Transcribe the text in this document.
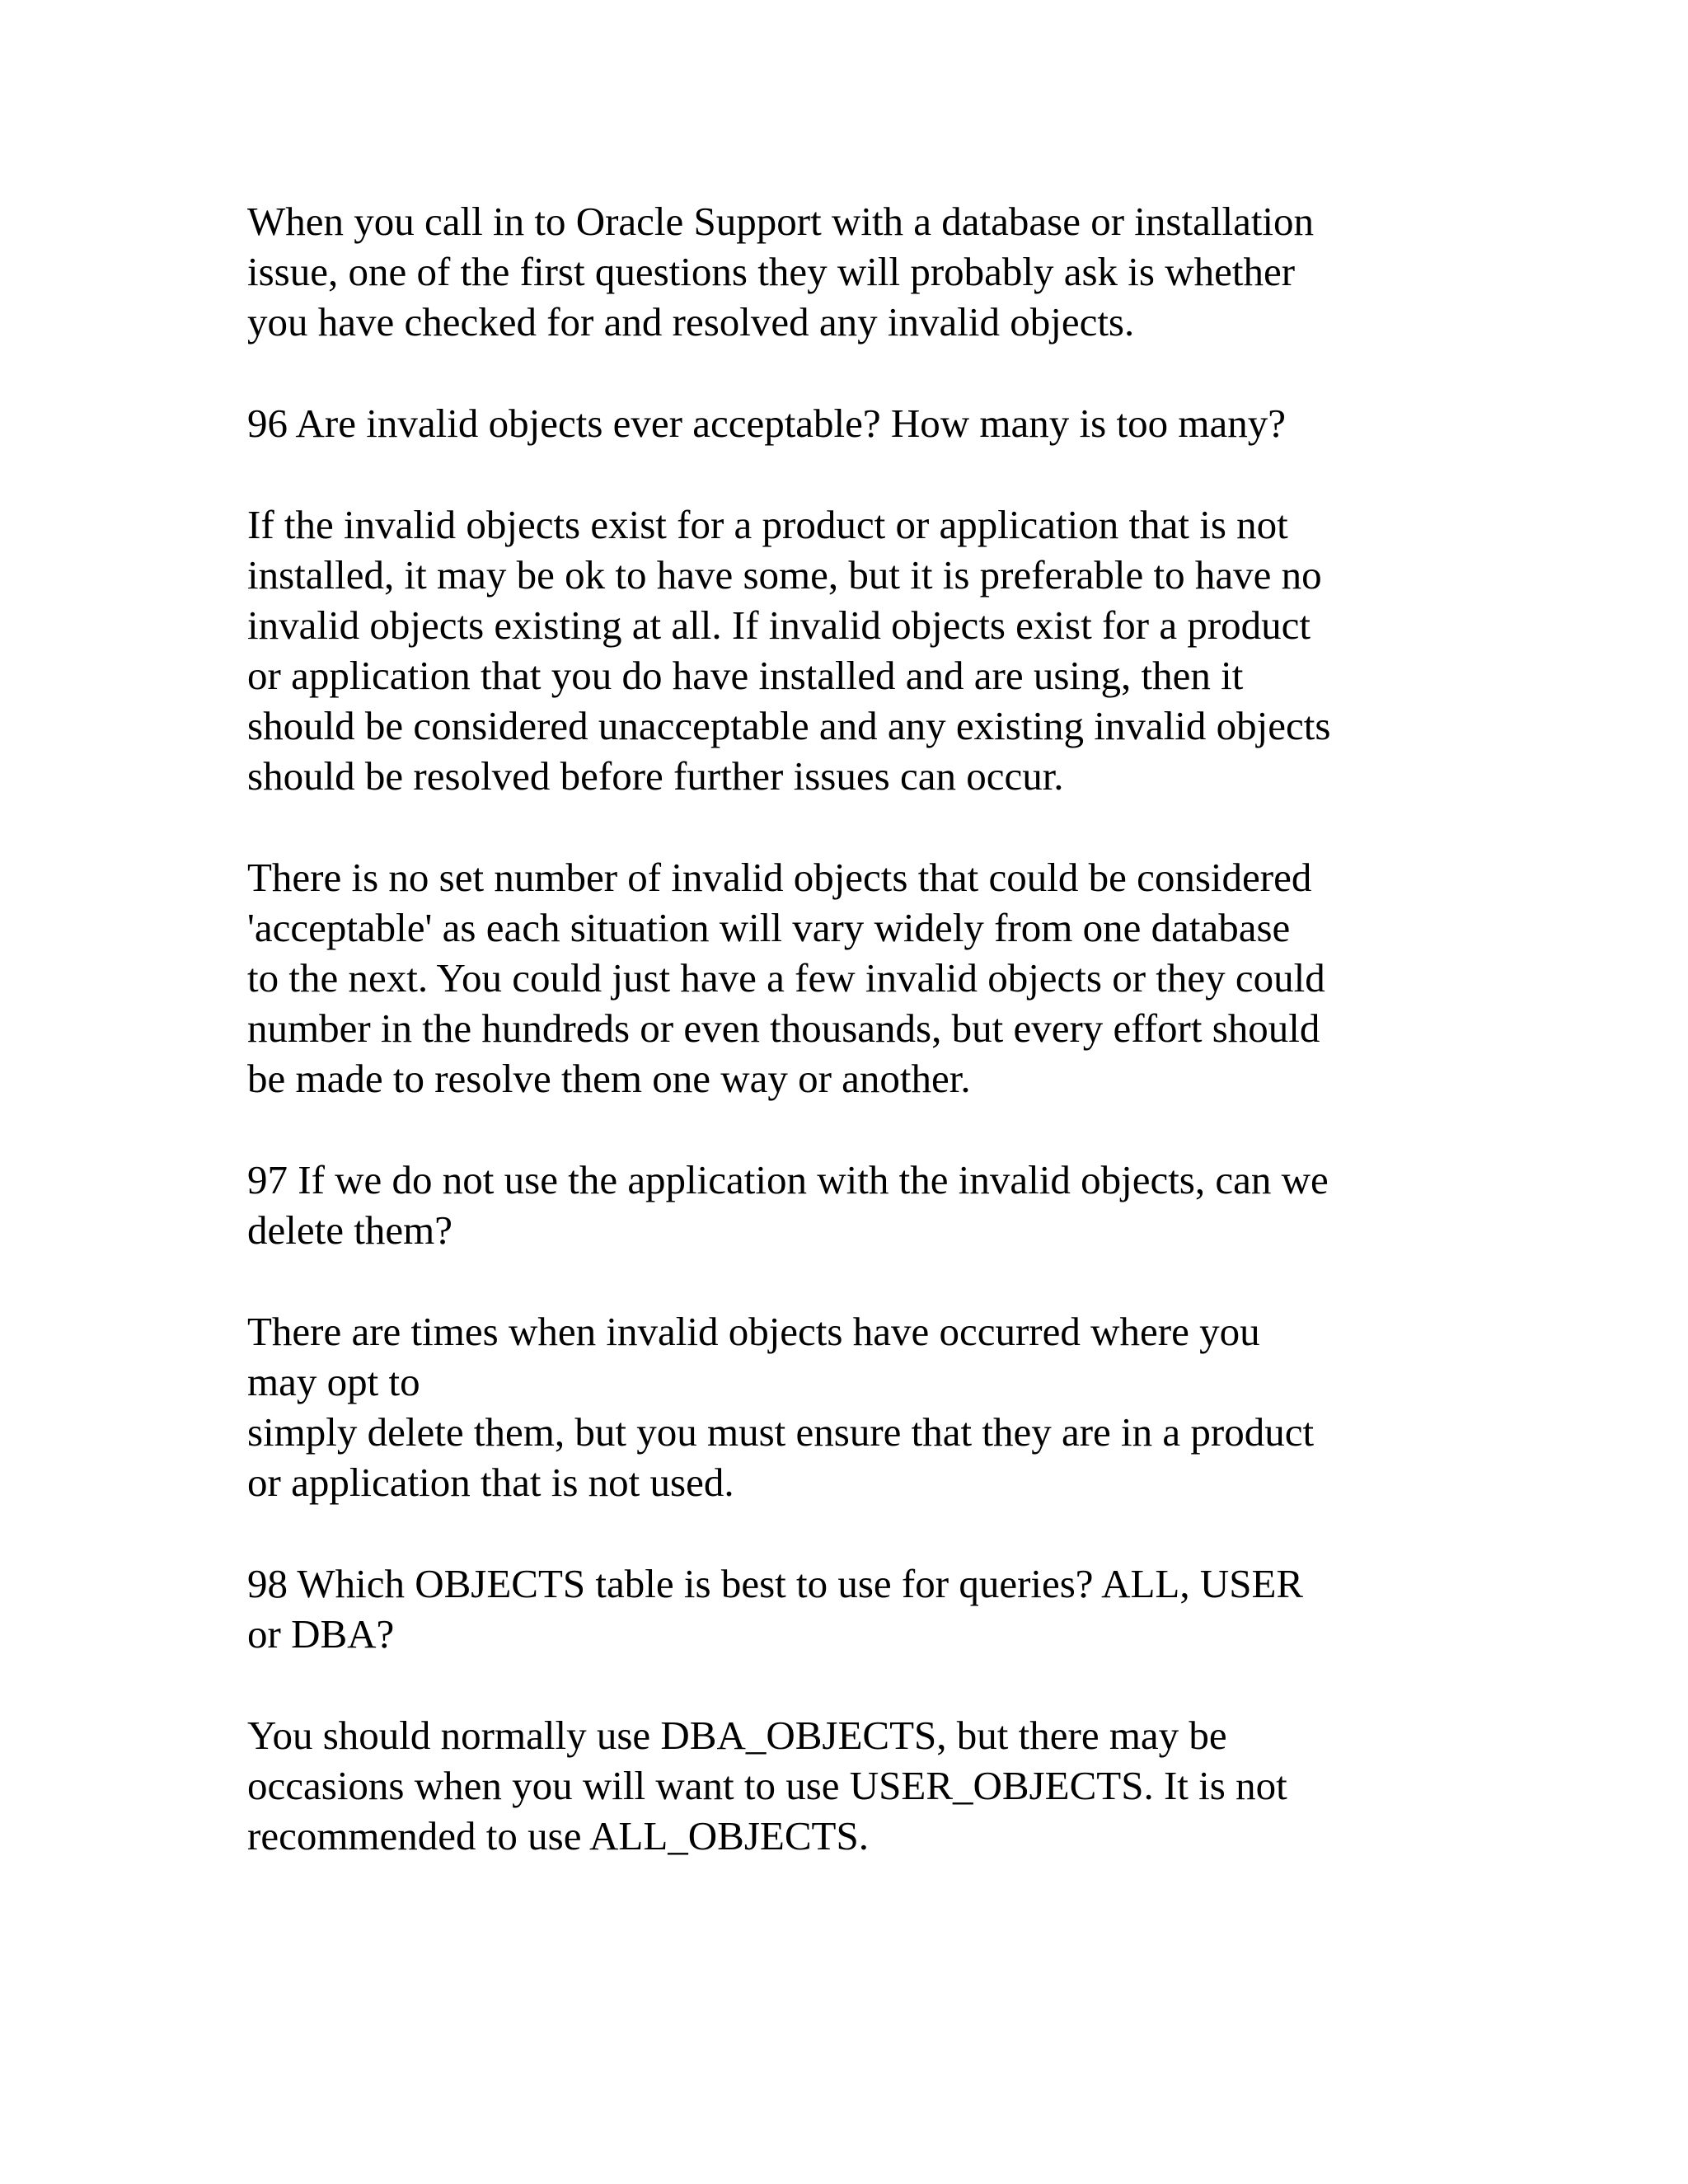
When you call in to Oracle Support with a database or installation
issue, one of the first questions they will probably ask is whether
you have checked for and resolved any invalid objects.

96 Are invalid objects ever acceptable? How many is too many?

If the invalid objects exist for a product or application that is not
installed, it may be ok to have some, but it is preferable to have no
invalid objects existing at all. If invalid objects exist for a product
or application that you do have installed and are using, then it
should be considered unacceptable and any existing invalid objects
should be resolved before further issues can occur.

There is no set number of invalid objects that could be considered
'acceptable' as each situation will vary widely from one database
to the next. You could just have a few invalid objects or they could
number in the hundreds or even thousands, but every effort should
be made to resolve them one way or another.

97 If we do not use the application with the invalid objects, can we
delete them?

There are times when invalid objects have occurred where you
may opt to
simply delete them, but you must ensure that they are in a product
or application that is not used.

98 Which OBJECTS table is best to use for queries? ALL, USER
or DBA?

You should normally use DBA_OBJECTS, but there may be
occasions when you will want to use USER_OBJECTS. It is not
recommended to use ALL_OBJECTS.
